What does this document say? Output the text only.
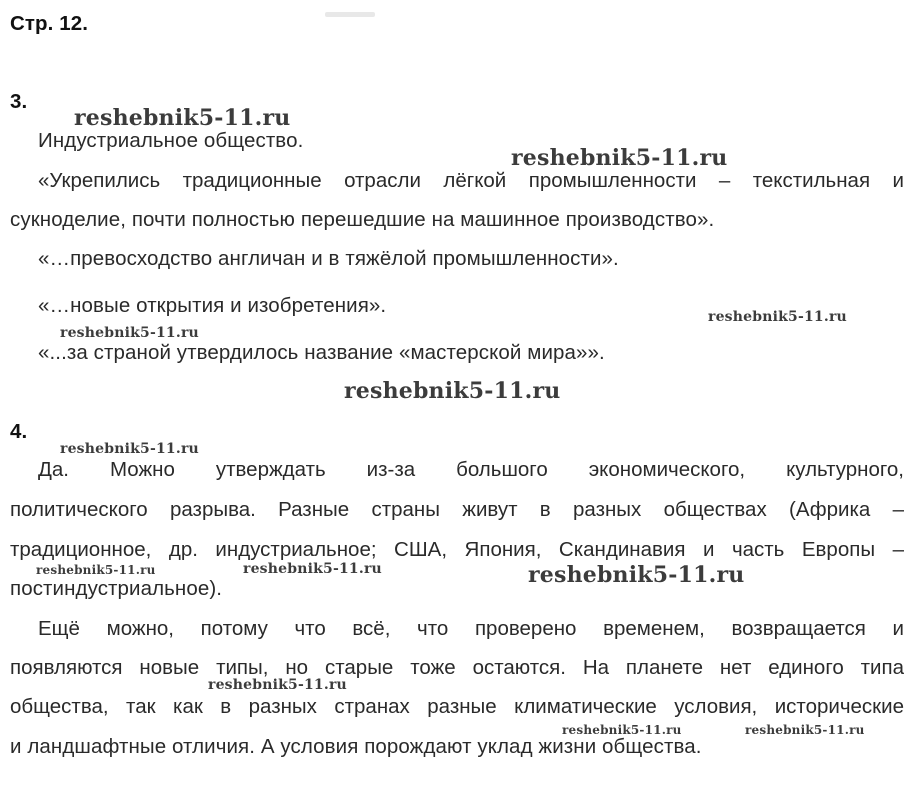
Стр. 12.
3.
Индустриальное общество.
«Укрепились традиционные отрасли лёгкой промышленности – текстильная и
сукноделие, почти полностью перешедшие на машинное производство».
«…превосходство англичан и в тяжёлой промышленности».
«…новые открытия и изобретения».
«...за страной утвердилось название «мастерской мира»».
4.
Да. Можно утверждать из-за большого экономического, культурного,
политического разрыва. Разные страны живут в разных обществах (Африка –
традиционное, др. индустриальное; США, Япония, Скандинавия и часть Европы –
постиндустриальное).
Ещё можно, потому что всё, что проверено временем, возвращается и
появляются новые типы, но старые тоже остаются. На планете нет единого типа
общества, так как в разных странах разные климатические условия, исторические
и ландшафтные отличия. А условия порождают уклад жизни общества.
reshebnik5-11.ru
reshebnik5-11.ru
reshebnik5-11.ru
reshebnik5-11.ru
reshebnik5-11.ru
reshebnik5-11.ru
reshebnik5-11.ru	reshebnik5-11.ru	reshebnik5-11.ru
reshebnik5-11.ru
reshebnik5-11.ru	reshebnik5-11.ru
